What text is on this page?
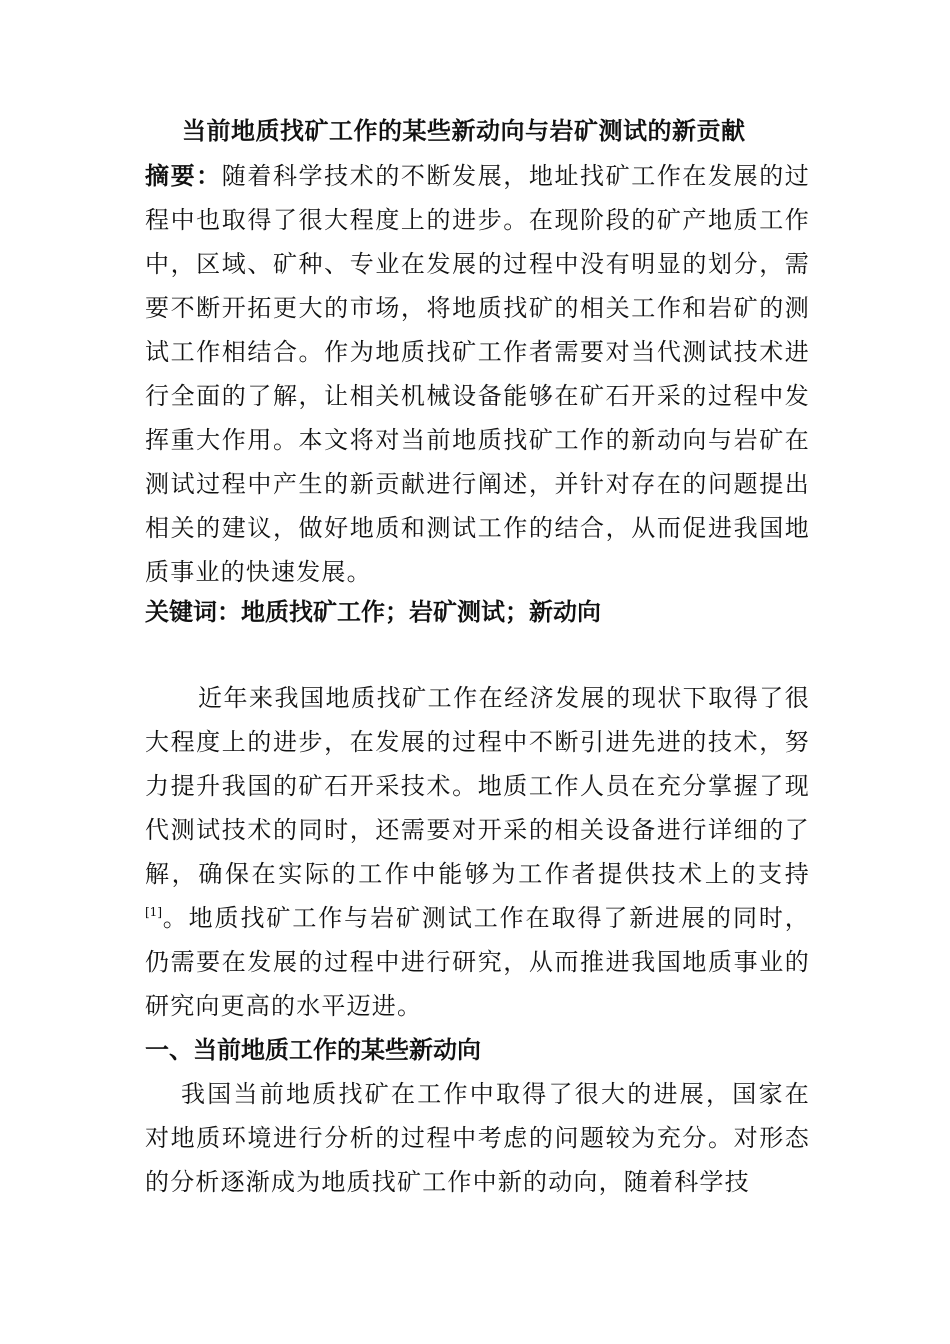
当前地质找矿工作的某些新动向与岩矿测试的新贡献
摘要：随着科学技术的不断发展，地址找矿工作在发展的过程中也取得了很大程度上的进步。在现阶段的矿产地质工作中，区域、矿种、专业在发展的过程中没有明显的划分，需要不断开拓更大的市场，将地质找矿的相关工作和岩矿的测试工作相结合。作为地质找矿工作者需要对当代测试技术进行全面的了解，让相关机械设备能够在矿石开采的过程中发挥重大作用。本文将对当前地质找矿工作的新动向与岩矿在测试过程中产生的新贡献进行阐述，并针对存在的问题提出相关的建议，做好地质和测试工作的结合，从而促进我国地质事业的快速发展。
关键词：地质找矿工作；岩矿测试；新动向
近年来我国地质找矿工作在经济发展的现状下取得了很大程度上的进步，在发展的过程中不断引进先进的技术，努力提升我国的矿石开采技术。地质工作人员在充分掌握了现代测试技术的同时，还需要对开采的相关设备进行详细的了解，确保在实际的工作中能够为工作者提供技术上的支持[1]。地质找矿工作与岩矿测试工作在取得了新进展的同时，仍需要在发展的过程中进行研究，从而推进我国地质事业的研究向更高的水平迈进。
一、当前地质工作的某些新动向
我国当前地质找矿在工作中取得了很大的进展，国家在对地质环境进行分析的过程中考虑的问题较为充分。对形态的分析逐渐成为地质找矿工作中新的动向，随着科学技
